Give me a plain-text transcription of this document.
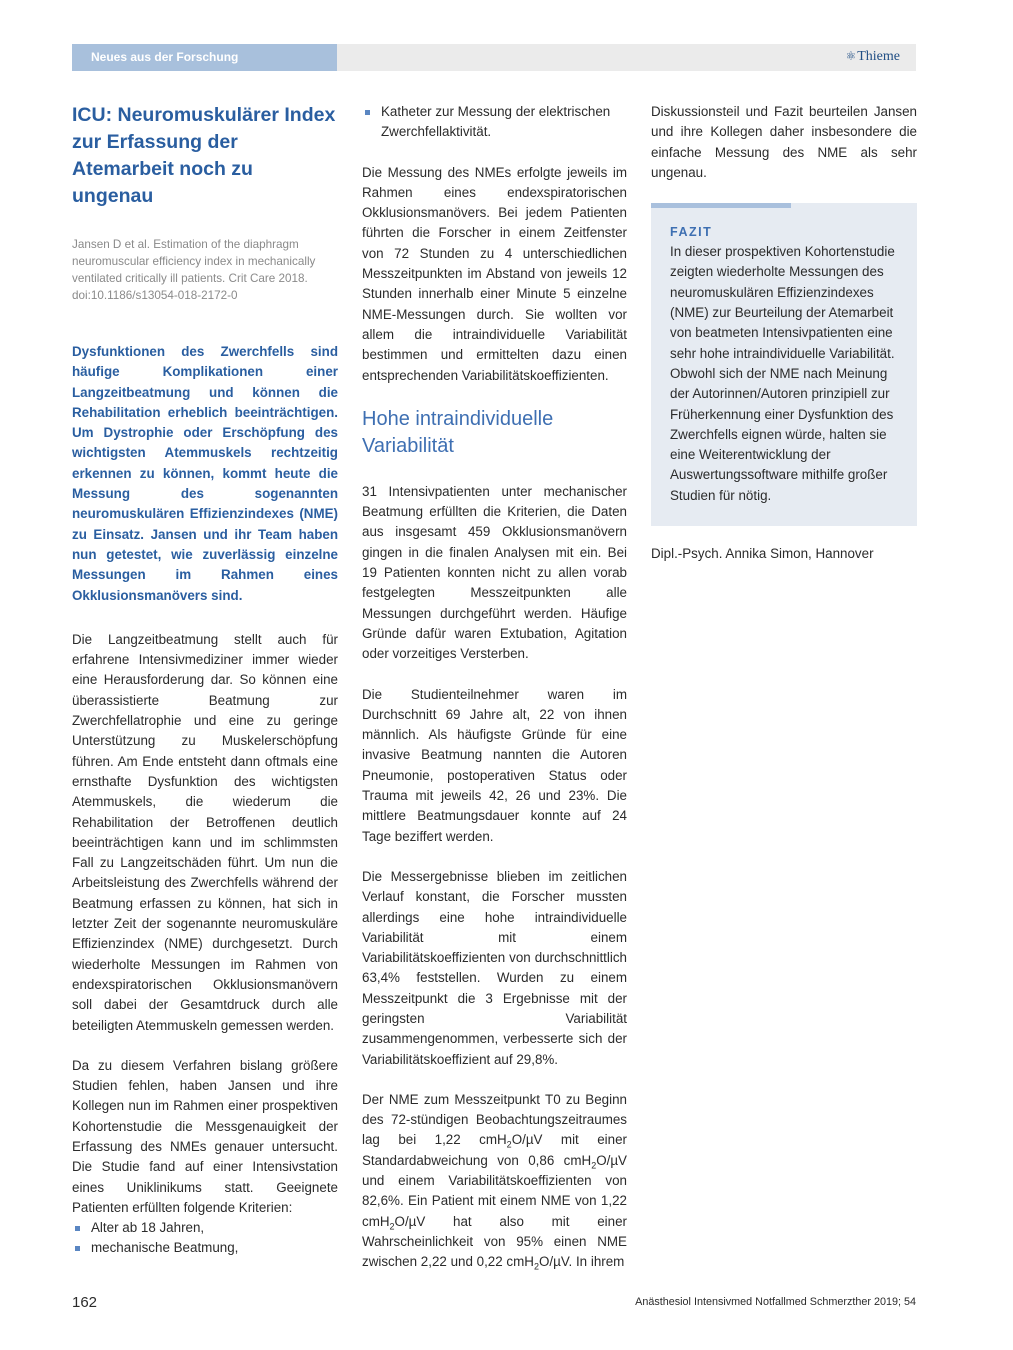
Neues aus der Forschung	⚛Thieme
ICU: Neuromuskulärer Index zur Erfassung der Atemarbeit noch zu ungenau

Jansen D et al. Estimation of the diaphragm neuromuscular efficiency index in mechanically ventilated critically ill patients. Crit Care 2018. doi:10.1186/s13054-018-2172-0

Dysfunktionen des Zwerchfells sind häufige Komplikationen einer Langzeitbeatmung und können die Rehabilitation erheblich beeinträchtigen. Um Dystrophie oder Erschöpfung des wichtigsten Atemmuskels rechtzeitig erkennen zu können, kommt heute die Messung des sogenannten neuromuskulären Effizienzindexes (NME) zu Einsatz. Jansen und ihr Team haben nun getestet, wie zuverlässig einzelne Messungen im Rahmen eines Okklusionsmanövers sind.

Die Langzeitbeatmung stellt auch für erfahrene Intensivmediziner immer wieder eine Herausforderung dar. So können eine überassistierte Beatmung zur Zwerchfellatrophie und eine zu geringe Unterstützung zu Muskelerschöpfung führen. Am Ende entsteht dann oftmals eine ernsthafte Dysfunktion des wichtigsten Atemmuskels, die wiederum die Rehabilitation der Betroffenen deutlich beeinträchtigen kann und im schlimmsten Fall zu Langzeitschäden führt. Um nun die Arbeitsleistung des Zwerchfells während der Beatmung erfassen zu können, hat sich in letzter Zeit der sogenannte neuromuskuläre Effizienzindex (NME) durchgesetzt. Durch wiederholte Messungen im Rahmen von endexspiratorischen Okklusionsmanövern soll dabei der Gesamtdruck durch alle beteiligten Atemmuskeln gemessen werden.

Da zu diesem Verfahren bislang größere Studien fehlen, haben Jansen und ihre Kollegen nun im Rahmen einer prospektiven Kohortenstudie die Messgenauigkeit der Erfassung des NMEs genauer untersucht. Die Studie fand auf einer Intensivstation eines Uniklinikums statt. Geeignete Patienten erfüllten folgende Kriterien:

Alter ab 18 Jahren,
mechanische Beatmung,
Katheter zur Messung der elektrischen Zwerchfellaktivität.

Die Messung des NMEs erfolgte jeweils im Rahmen eines endexspiratorischen Okklusionsmanövers. Bei jedem Patienten führten die Forscher in einem Zeitfenster von 72 Stunden zu 4 unterschiedlichen Messzeitpunkten im Abstand von jeweils 12 Stunden innerhalb einer Minute 5 einzelne NME-Messungen durch. Sie wollten vor allem die intraindividuelle Variabilität bestimmen und ermittelten dazu einen entsprechenden Variabilitätskoeffizienten.

Hohe intraindividuelle Variabilität

31 Intensivpatienten unter mechanischer Beatmung erfüllten die Kriterien, die Daten aus insgesamt 459 Okklusionsmanövern gingen in die finalen Analysen mit ein. Bei 19 Patienten konnten nicht zu allen vorab festgelegten Messzeitpunkten alle Messungen durchgeführt werden. Häufige Gründe dafür waren Extubation, Agitation oder vorzeitiges Versterben.

Die Studienteilnehmer waren im Durchschnitt 69 Jahre alt, 22 von ihnen männlich. Als häufigste Gründe für eine invasive Beatmung nannten die Autoren Pneumonie, postoperativen Status oder Trauma mit jeweils 42, 26 und 23%. Die mittlere Beatmungsdauer konnte auf 24 Tage beziffert werden.

Die Messergebnisse blieben im zeitlichen Verlauf konstant, die Forscher mussten allerdings eine hohe intraindividuelle Variabilität mit einem Variabilitätskoeffizienten von durchschnittlich 63,4% feststellen. Wurden zu einem Messzeitpunkt die 3 Ergebnisse mit der geringsten Variabilität zusammengenommen, verbesserte sich der Variabilitätskoeffizient auf 29,8%.

Der NME zum Messzeitpunkt T0 zu Beginn des 72-stündigen Beobachtungszeitraumes lag bei 1,22 cmH$_2$O/µV mit einer Standardabweichung von 0,86 cmH$_2$O/µV und einem Variabilitätskoeffizienten von 82,6%. Ein Patient mit einem NME von 1,22 cmH$_2$O/µV hat also mit einer Wahrscheinlichkeit von 95% einen NME zwischen 2,22 und 0,22 cmH$_2$O/µV. In ihrem

Diskussionsteil und Fazit beurteilen Jansen und ihre Kollegen daher insbesondere die einfache Messung des NME als sehr ungenau.

FAZIT

In dieser prospektiven Kohortenstudie zeigten wiederholte Messungen des neuromuskulären Effizienzindexes (NME) zur Beurteilung der Atemarbeit von beatmeten Intensivpatienten eine sehr hohe intraindividuelle Variabilität. Obwohl sich der NME nach Meinung der Autorinnen/Autoren prinzipiell zur Früherkennung einer Dysfunktion des Zwerchfells eignen würde, halten sie eine Weiterentwicklung der Auswertungssoftware mithilfe großer Studien für nötig.

Dipl.-Psych. Annika Simon, Hannover

162	Anästhesiol Intensivmed Notfallmed Schmerzther 2019; 54
